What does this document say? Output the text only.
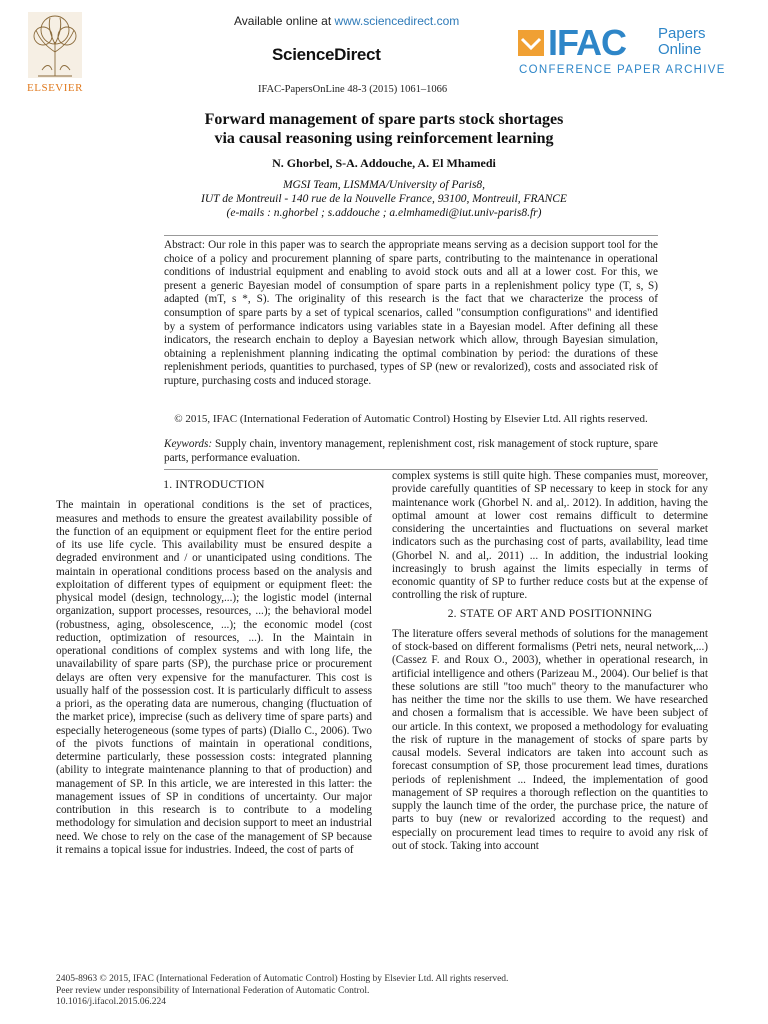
ELSEVIER
Available online at www.sciencedirect.com
ScienceDirect
IFAC-PapersOnLine 48-3 (2015) 1061–1066
IFAC Papers
Online
CONFERENCE PAPER ARCHIVE
Forward management of spare parts stock shortages
via causal reasoning using reinforcement learning
N. Ghorbel, S-A. Addouche, A. El Mhamedi
MGSI Team, LISMMA/University of Paris8,
IUT de Montreuil - 140 rue de la Nouvelle France, 93100, Montreuil, FRANCE
(e-mails : n.ghorbel ; s.addouche ; a.elmhamedi@iut.univ-paris8.fr)
Abstract: Our role in this paper was to search the appropriate means serving as a decision support tool for the choice of a policy and procurement planning of spare parts, contributing to the maintenance in operational conditions of industrial equipment and enabling to avoid stock outs and all at a lower cost. For this, we present a generic Bayesian model of consumption of spare parts in a replenishment policy type (T, s, S) adapted (mT, s *, S). The originality of this research is the fact that we characterize the process of consumption of spare parts by a set of typical scenarios, called "consumption configurations" and identified by a system of performance indicators using variables state in a Bayesian model. After defining all these indicators, the research enchain to deploy a Bayesian network which allow, through Bayesian simulation, obtaining a replenishment planning indicating the optimal combination by period: the durations of these replenishment periods, quantities to purchased, types of SP (new or revalorized), costs and associated risk of rupture, purchasing costs and induced storage.
© 2015, IFAC (International Federation of Automatic Control) Hosting by Elsevier Ltd. All rights reserved.
Keywords: Supply chain, inventory management, replenishment cost, risk management of stock rupture, spare parts, performance evaluation.
1. INTRODUCTION

The maintain in operational conditions is the set of practices, measures and methods to ensure the greatest availability possible of the function of an equipment or equipment fleet for the entire period of its use life cycle. This availability must be ensured despite a degraded environment and / or unanticipated using conditions. The maintain in operational conditions process based on the analysis and exploitation of different types of equipment or equipment fleet: the physical model (design, technology,...); the logistic model (internal organization, support processes, resources, ...); the behavioral model (robustness, aging, obsolescence, ...); the economic model (cost reduction, optimization of resources, ...). In the Maintain in operational conditions of complex systems and with long life, the unavailability of spare parts (SP), the purchase price or procurement delays are often very expensive for the manufacturer. This cost is usually half of the possession cost. It is particularly difficult to assess a priori, as the operating data are numerous, changing (fluctuation of the market price), imprecise (such as delivery time of spare parts) and especially heterogeneous (some types of parts) (Diallo C., 2006). Two of the pivots functions of maintain in operational conditions, determine particularly, these possession costs: integrated planning (ability to integrate maintenance planning to that of production) and management of SP. In this article, we are interested in this latter: the management issues of SP in conditions of uncertainty. Our major contribution in this research is to contribute to a modeling methodology for simulation and decision support to meet an industrial need. We chose to rely on the case of the management of SP because it remains a topical issue for industries. Indeed, the cost of parts of

complex systems is still quite high. These companies must, moreover, provide carefully quantities of SP necessary to keep in stock for any maintenance work (Ghorbel N. and al,. 2012). In addition, having the optimal amount at lower cost remains difficult to determine considering the uncertainties and fluctuations on several market indicators such as the purchasing cost of parts, availability, lead time (Ghorbel N. and al,. 2011) ... In addition, the industrial looking increasingly to brush against the limits especially in terms of economic quantity of SP to further reduce costs but at the expense of controlling the risk of rupture.

2. STATE OF ART AND POSITIONNING

The literature offers several methods of solutions for the management of stock-based on different formalisms (Petri nets, neural network,...) (Cassez F. and Roux O., 2003), whether in operational research, in artificial intelligence and others (Parizeau M., 2004). Our belief is that these solutions are still "too much" theory to the manufacturer who has neither the time nor the skills to use them. We have researched and chosen a formalism that is accessible. We have been subject of our article. In this context, we proposed a methodology for evaluating the risk of rupture in the management of stocks of spare parts by causal models. Several indicators are taken into account such as forecast consumption of SP, those procurement lead times, durations periods of replenishment ... Indeed, the implementation of good management of SP requires a thorough reflection on the quantities to supply the launch time of the order, the purchase price, the nature of parts to buy (new or revalorized according to the request) and especially on procurement lead times to require to avoid any risk of out of stock. Taking into account

2405-8963 © 2015, IFAC (International Federation of Automatic Control) Hosting by Elsevier Ltd. All rights reserved.
Peer review under responsibility of International Federation of Automatic Control.
10.1016/j.ifacol.2015.06.224
